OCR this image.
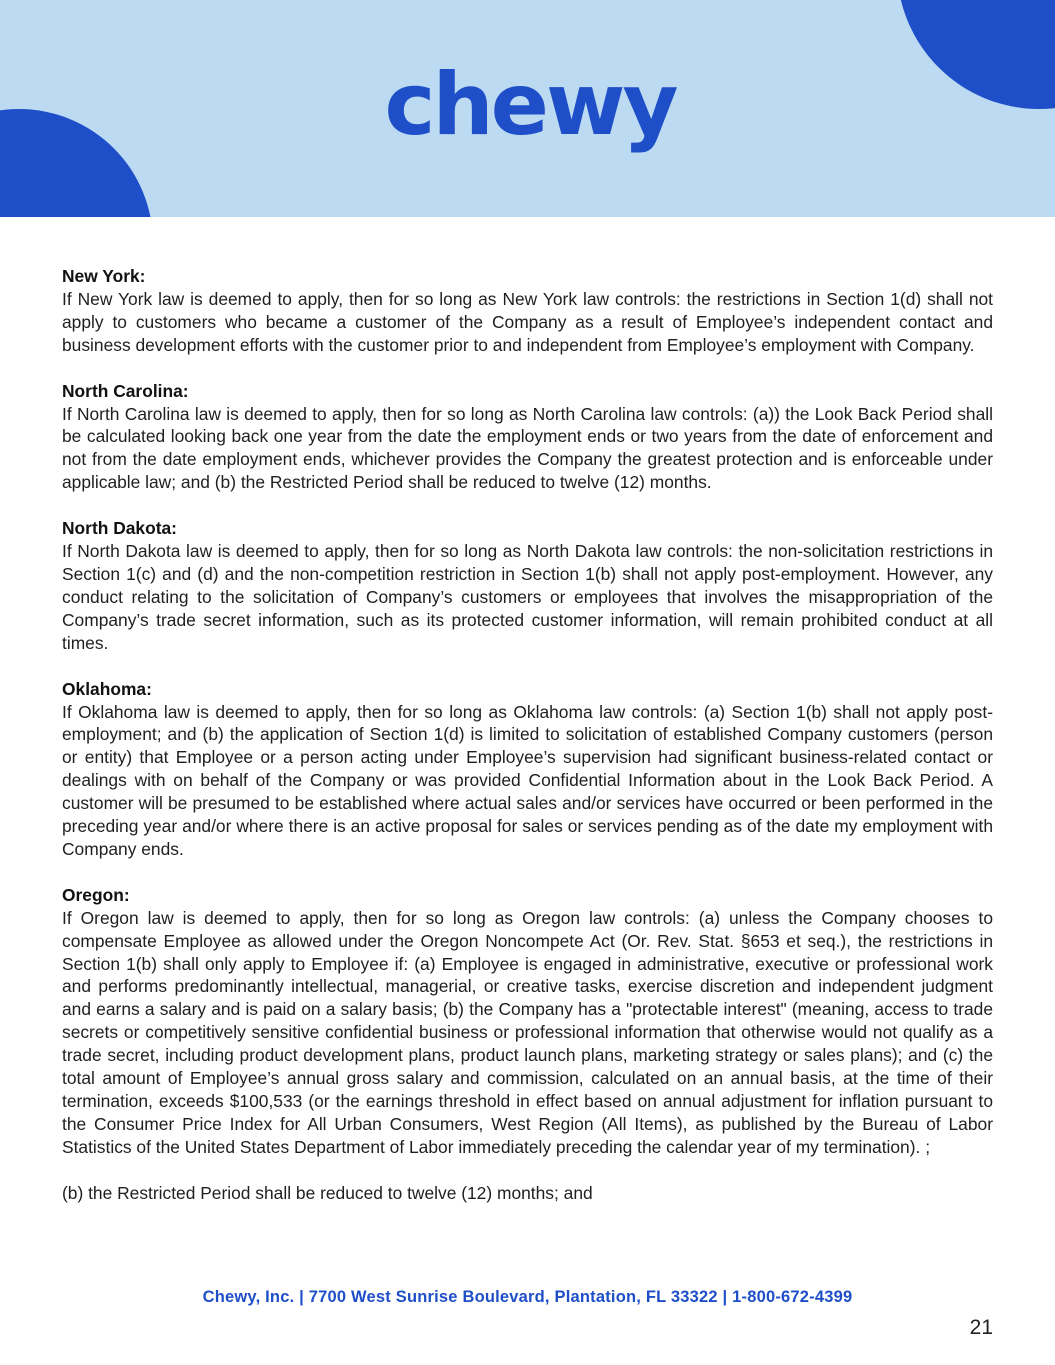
chewy
New York:

If New York law is deemed to apply, then for so long as New York law controls: the restrictions in Section 1(d) shall not apply to customers who became a customer of the Company as a result of Employee’s independent contact and business development efforts with the customer prior to and independent from Employee’s employment with Company.

North Carolina:

If North Carolina law is deemed to apply, then for so long as North Carolina law controls: (a)) the Look Back Period shall be calculated looking back one year from the date the employment ends or two years from the date of enforcement and not from the date employment ends, whichever provides the Company the greatest protection and is enforceable under applicable law; and (b) the Restricted Period shall be reduced to twelve (12) months.

North Dakota:

If North Dakota law is deemed to apply, then for so long as North Dakota law controls: the non-solicitation restrictions in Section 1(c) and (d) and the non-competition restriction in Section 1(b) shall not apply post-employment. However, any conduct relating to the solicitation of Company’s customers or employees that involves the misappropriation of the Company’s trade secret information, such as its protected customer information, will remain prohibited conduct at all times.

Oklahoma:

If Oklahoma law is deemed to apply, then for so long as Oklahoma law controls: (a) Section 1(b) shall not apply post-employment; and (b) the application of Section 1(d) is limited to solicitation of established Company customers (person or entity) that Employee or a person acting under Employee’s supervision had significant business-related contact or dealings with on behalf of the Company or was provided Confidential Information about in the Look Back Period. A customer will be presumed to be established where actual sales and/or services have occurred or been performed in the preceding year and/or where there is an active proposal for sales or services pending as of the date my employment with Company ends.

Oregon:

If Oregon law is deemed to apply, then for so long as Oregon law controls: (a) unless the Company chooses to compensate Employee as allowed under the Oregon Noncompete Act (Or. Rev. Stat. §653 et seq.), the restrictions in Section 1(b) shall only apply to Employee if: (a) Employee is engaged in administrative, executive or professional work and performs predominantly intellectual, managerial, or creative tasks, exercise discretion and independent judgment and earns a salary and is paid on a salary basis; (b) the Company has a "protectable interest" (meaning, access to trade secrets or competitively sensitive confidential business or professional information that otherwise would not qualify as a trade secret, including product development plans, product launch plans, marketing strategy or sales plans); and (c) the total amount of Employee’s annual gross salary and commission, calculated on an annual basis, at the time of their termination, exceeds $100,533 (or the earnings threshold in effect based on annual adjustment for inflation pursuant to the Consumer Price Index for All Urban Consumers, West Region (All Items), as published by the Bureau of Labor Statistics of the United States Department of Labor immediately preceding the calendar year of my termination). ;

(b) the Restricted Period shall be reduced to twelve (12) months; and

Chewy, Inc. | 7700 West Sunrise Boulevard, Plantation, FL 33322 | 1-800-672-4399
21
